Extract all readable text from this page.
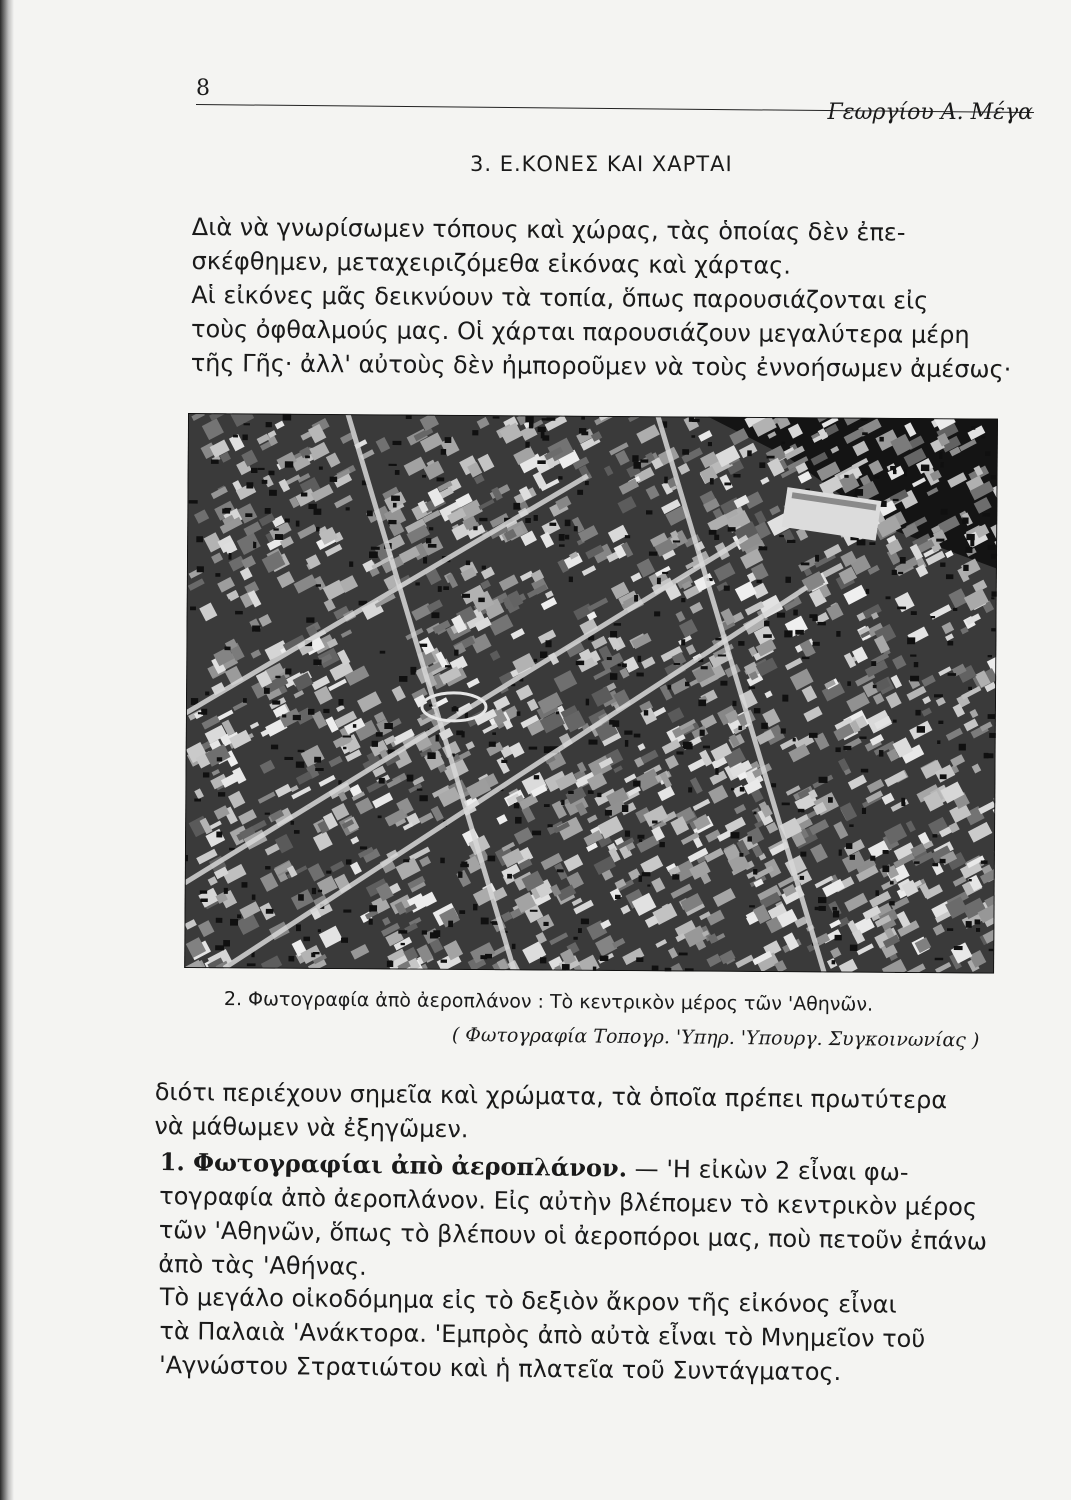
8
Γεωργίου Α. Μέγα
3. Ε.ΚΟΝΕΣ ΚΑΙ ΧΑΡΤΑΙ
Διὰ νὰ γνωρίσωμεν τόπους καὶ χώρας, τὰς ὁποίας δὲν ἐπε-
σκέφθημεν, μεταχειριζόμεθα εἰκόνας καὶ χάρτας.
Αἱ εἰκόνες μᾶς δεικνύουν τὰ τοπία, ὅπως παρουσιάζονται εἰς
τοὺς ὀφθαλμούς μας. Οἱ χάρται παρουσιάζουν μεγαλύτερα μέρη
τῆς Γῆς· ἀλλ' αὐτοὺς δὲν ἠμποροῦμεν νὰ τοὺς ἐννοήσωμεν ἀμέσως·
2. Φωτογραφία ἀπὸ ἀεροπλάνον : Τὸ κεντρικὸν μέρος τῶν 'Αθηνῶν.
( Φωτογραφία Τοπογρ. 'Υπηρ. 'Υπουργ. Συγκοινωνίας )
διότι περιέχουν σημεῖα καὶ χρώματα, τὰ ὁποῖα πρέπει πρωτύτερα
νὰ μάθωμεν νὰ ἐξηγῶμεν.
1. Φωτογραφίαι ἀπὸ ἀεροπλάνον. — 'Η εἰκὼν 2 εἶναι φω-
τογραφία ἀπὸ ἀεροπλάνον. Εἰς αὐτὴν βλέπομεν τὸ κεντρικὸν μέρος
τῶν 'Αθηνῶν, ὅπως τὸ βλέπουν οἱ ἀεροπόροι μας, ποὺ πετοῦν ἐπάνω
ἀπὸ τὰς 'Αθήνας.
Τὸ μεγάλο οἰκοδόμημα εἰς τὸ δεξιὸν ἄκρον τῆς εἰκόνος εἶναι
τὰ Παλαιὰ 'Ανάκτορα. 'Εμπρὸς ἀπὸ αὐτὰ εἶναι τὸ Μνημεῖον τοῦ
'Αγνώστου Στρατιώτου καὶ ἡ πλατεῖα τοῦ Συντάγματος.
